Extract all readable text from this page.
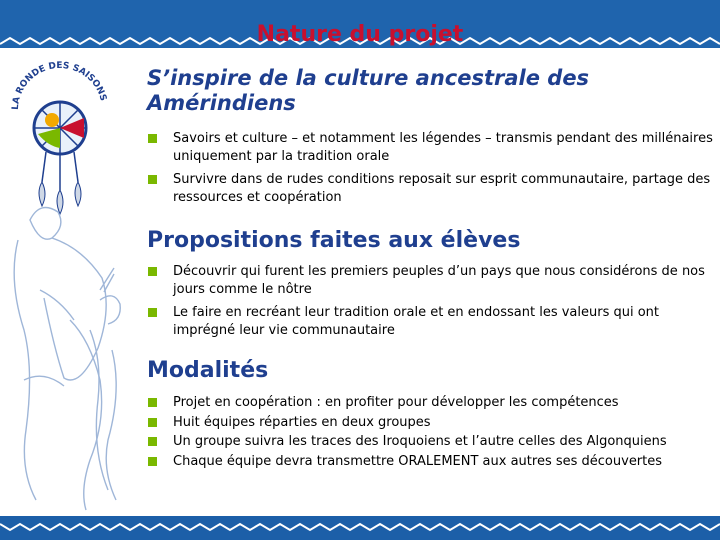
Nature du projet
LA RONDE DES SAISONS
S’inspire de la culture ancestrale des Amérindiens
Savoirs et culture – et notamment les légendes – transmis pendant des millénaires uniquement par la tradition orale
Survivre dans de rudes conditions reposait sur esprit communautaire, partage des ressources et coopération
Propositions faites aux élèves
Découvrir qui furent les premiers peuples d’un pays que nous considérons de nos jours comme le nôtre
Le faire en recréant leur tradition orale et en endossant les valeurs qui ont imprégné leur vie communautaire
Modalités
Projet en coopération : en profiter pour développer les compétences
Huit équipes réparties en deux groupes
Un groupe suivra les traces des Iroquoiens et l’autre celles des Algonquiens
Chaque équipe devra transmettre ORALEMENT aux autres ses découvertes
